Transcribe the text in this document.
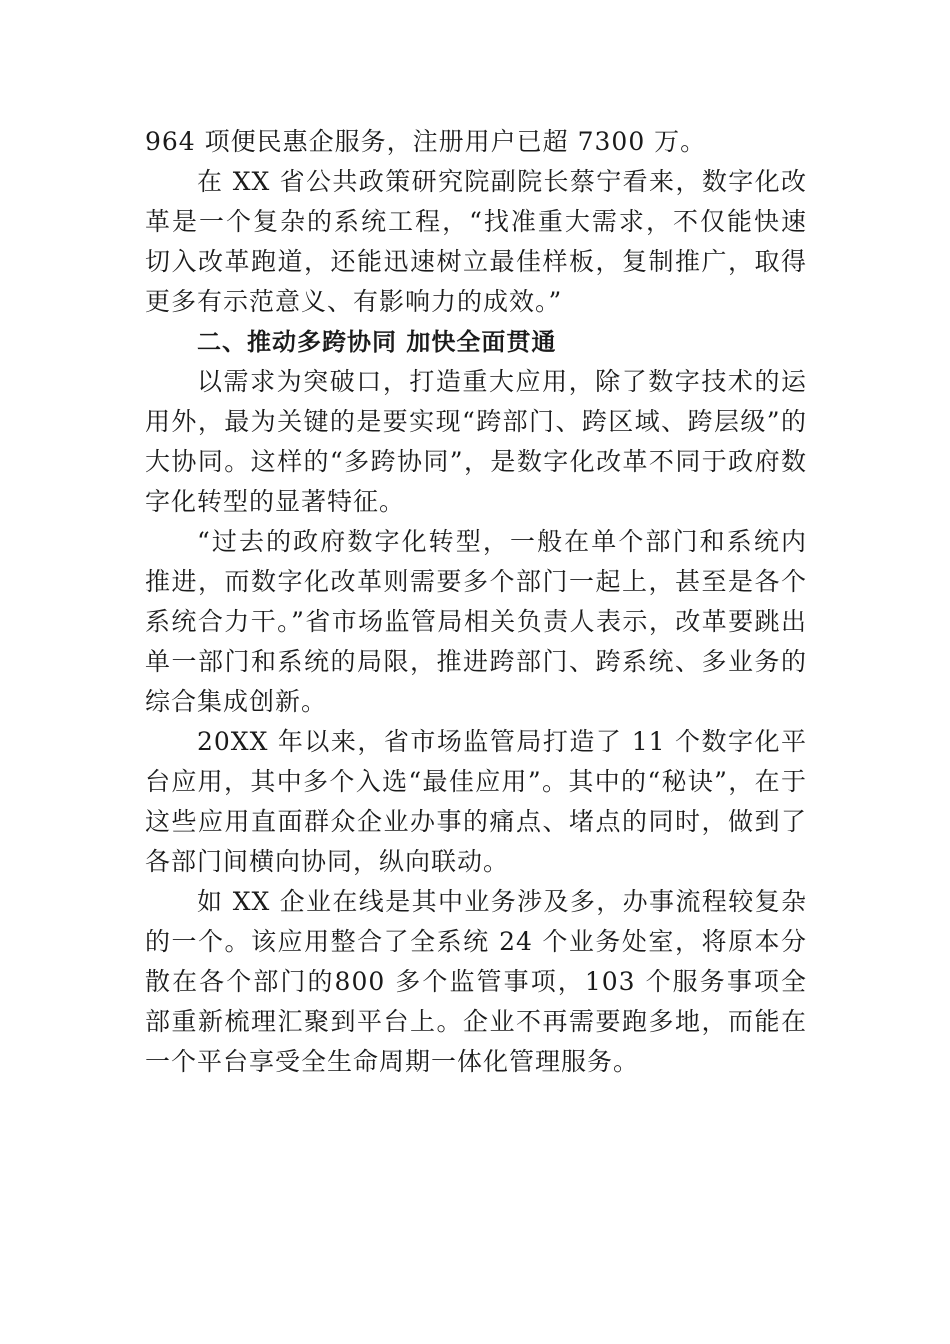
964 项便民惠企服务，注册用户已超 7300 万。

在 XX 省公共政策研究院副院长蔡宁看来，数字化改革是一个复杂的系统工程，“找准重大需求，不仅能快速切入改革跑道，还能迅速树立最佳样板，复制推广，取得更多有示范意义、有影响力的成效。”

二、推动多跨协同 加快全面贯通

以需求为突破口，打造重大应用，除了数字技术的运用外，最为关键的是要实现“跨部门、跨区域、跨层级”的大协同。这样的“多跨协同”，是数字化改革不同于政府数字化转型的显著特征。

“过去的政府数字化转型，一般在单个部门和系统内推进，而数字化改革则需要多个部门一起上，甚至是各个系统合力干。”省市场监管局相关负责人表示，改革要跳出单一部门和系统的局限，推进跨部门、跨系统、多业务的综合集成创新。

20XX 年以来，省市场监管局打造了 11 个数字化平台应用，其中多个入选“最佳应用”。其中的“秘诀”，在于这些应用直面群众企业办事的痛点、堵点的同时，做到了各部门间横向协同，纵向联动。

如 XX 企业在线是其中业务涉及多，办事流程较复杂的一个。该应用整合了全系统 24 个业务处室，将原本分散在各个部门的800 多个监管事项，103 个服务事项全部重新梳理汇聚到平台上。企业不再需要跑多地，而能在一个平台享受全生命周期一体化管理服务。
